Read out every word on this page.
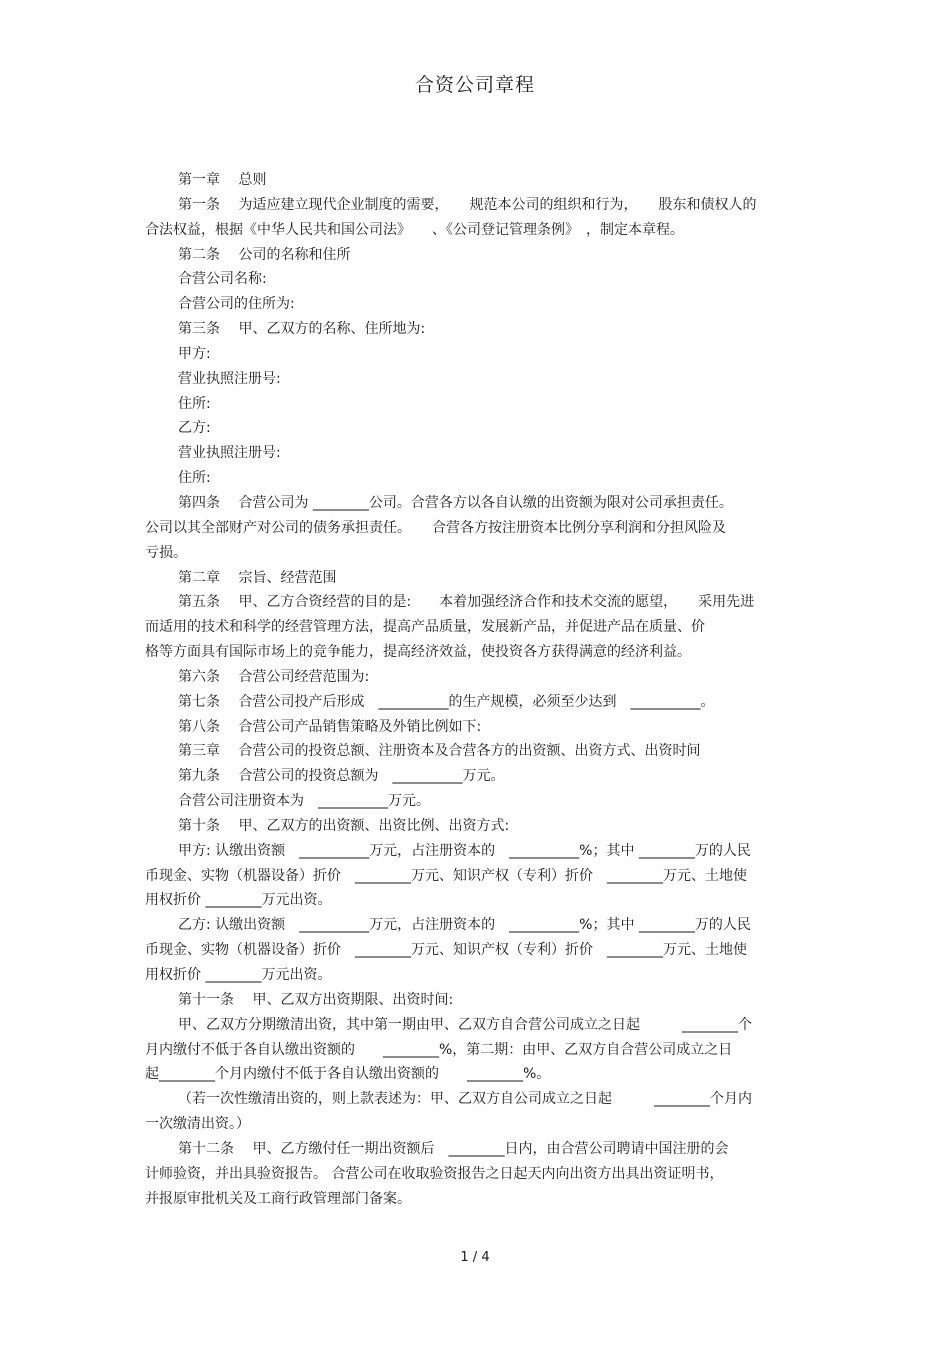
合资公司章程
第一章　 总则
第一条　 为适应建立现代企业制度的需要，　　规范本公司的组织和行为，　　股东和债权人的
合法权益，根据《中华人民共和国公司法》　　、《公司登记管理条例》　，制定本章程。
第二条　 公司的名称和住所
合营公司名称:
合营公司的住所为:
第三条　 甲、乙双方的名称、住所地为:
甲方:
营业执照注册号:
住所:
乙方:
营业执照注册号:
住所:
第四条　 合营公司为 ________公司。合营各方以各自认缴的出资额为限对公司承担责任。
公司以其全部财产对公司的债务承担责任。　　合营各方按注册资本比例分享利润和分担风险及
亏损。
第二章　 宗旨、经营范围
第五条　 甲、乙方合资经营的目的是:　　本着加强经济合作和技术交流的愿望，　　采用先进
而适用的技术和科学的经营管理方法，提高产品质量，发展新产品，并促进产品在质量、价
格等方面具有国际市场上的竞争能力，提高经济效益，使投资各方获得满意的经济利益。
第六条　 合营公司经营范围为:
第七条　 合营公司投产后形成　__________的生产规模，必须至少达到　__________。
第八条　 合营公司产品销售策略及外销比例如下:
第三章　 合营公司的投资总额、注册资本及合营各方的出资额、出资方式、出资时间
第九条　 合营公司的投资总额为　__________万元。
合营公司注册资本为　__________万元。
第十条　 甲、乙双方的出资额、出资比例、出资方式:
甲方: 认缴出资额　__________万元，占注册资本的　__________%；其中 ________万的人民
币现金、实物（机器设备）折价　________万元、知识产权（专利）折价　________万元、土地使
用权折价 ________万元出资。
乙方: 认缴出资额　__________万元，占注册资本的　__________%；其中 ________万的人民
币现金、实物（机器设备）折价　________万元、知识产权（专利）折价　________万元、土地使
用权折价 ________万元出资。
第十一条　 甲、乙双方出资期限、出资时间:
甲、乙双方分期缴清出资，其中第一期由甲、乙双方自合营公司成立之日起　　　________个
月内缴付不低于各自认缴出资额的　　________%，第二期：由甲、乙双方自合营公司成立之日
起________个月内缴付不低于各自认缴出资额的　　________%。
（若一次性缴清出资的，则上款表述为：甲、乙双方自公司成立之日起　　　________个月内
一次缴清出资。）
第十二条　 甲、乙方缴付任一期出资额后　________日内，由合营公司聘请中国注册的会
计师验资，并出具验资报告。 合营公司在收取验资报告之日起天内向出资方出具出资证明书，
并报原审批机关及工商行政管理部门备案。
1 / 4
